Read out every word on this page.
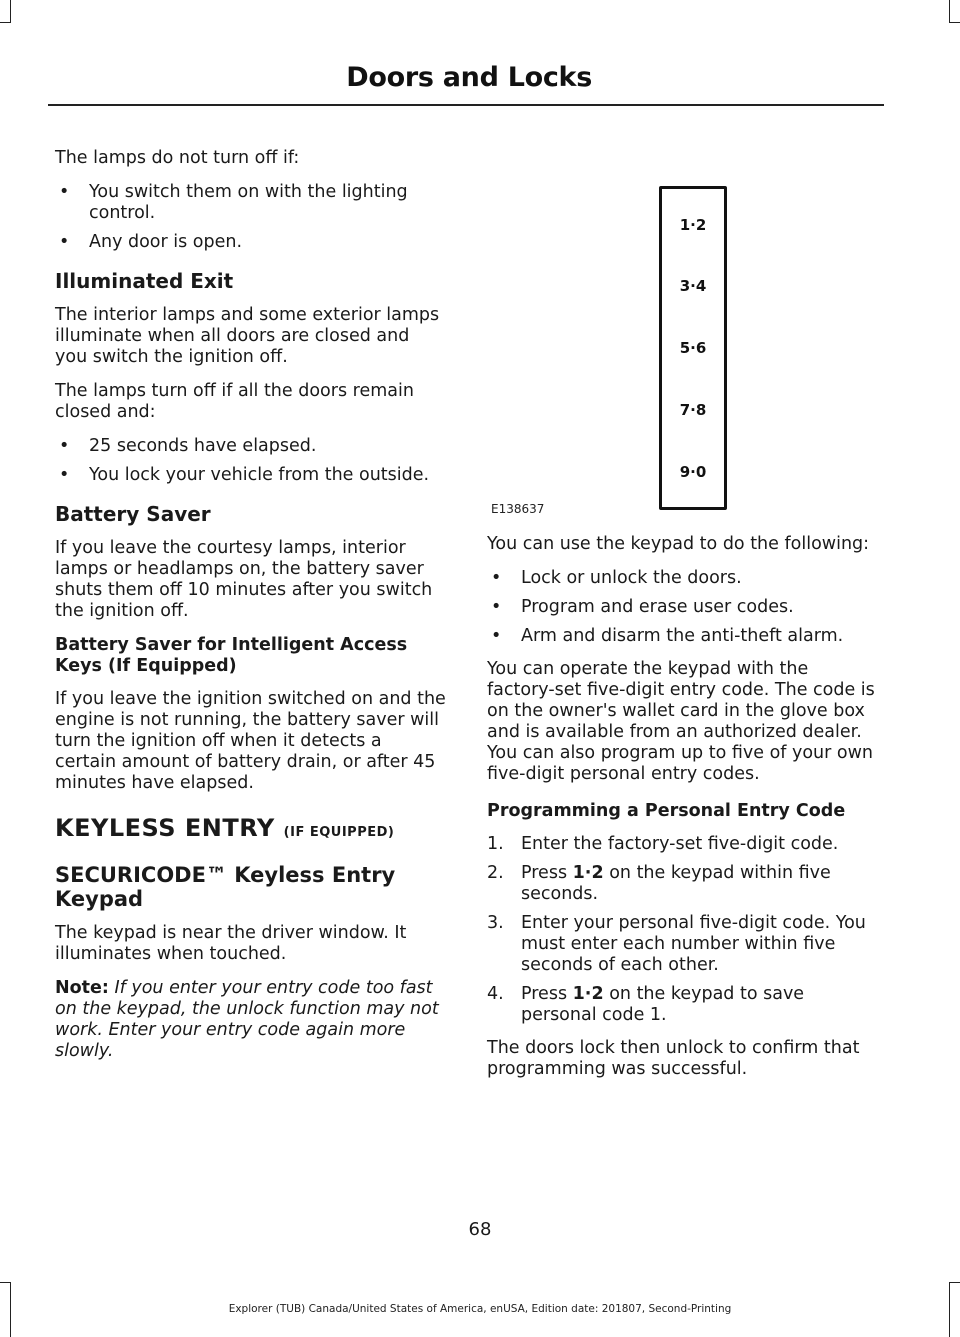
Doors and Locks

The lamps do not turn off if:

• You switch them on with the lighting control.
• Any door is open.
Illuminated Exit

The interior lamps and some exterior lamps illuminate when all doors are closed and you switch the ignition off.

The lamps turn off if all the doors remain closed and:

• 25 seconds have elapsed.
• You lock your vehicle from the outside.
Battery Saver

If you leave the courtesy lamps, interior lamps or headlamps on, the battery saver shuts them off 10 minutes after you switch the ignition off.

Battery Saver for Intelligent Access Keys (If Equipped)

If you leave the ignition switched on and the engine is not running, the battery saver will turn the ignition off when it detects a certain amount of battery drain, or after 45 minutes have elapsed.

KEYLESS ENTRY (IF EQUIPPED)
SECURICODE™ Keyless Entry Keypad

The keypad is near the driver window. It illuminates when touched.

Note: If you enter your entry code too fast on the keypad, the unlock function may not work. Enter your entry code again more slowly.

1·2
3·4
5·6
7·8
9·0
E138637

You can use the keypad to do the following:

• Lock or unlock the doors.
• Program and erase user codes.
• Arm and disarm the anti-theft alarm.

You can operate the keypad with the factory-set five-digit entry code. The code is on the owner's wallet card in the glove box and is available from an authorized dealer. You can also program up to five of your own five-digit personal entry codes.

Programming a Personal Entry Code
1. Enter the factory-set five-digit code.
2. Press 1·2 on the keypad within five seconds.
3. Enter your personal five-digit code. You must enter each number within five seconds of each other.
4. Press 1·2 on the keypad to save personal code 1.

The doors lock then unlock to confirm that programming was successful.

68
Explorer (TUB) Canada/United States of America, enUSA, Edition date: 201807, Second-Printing
